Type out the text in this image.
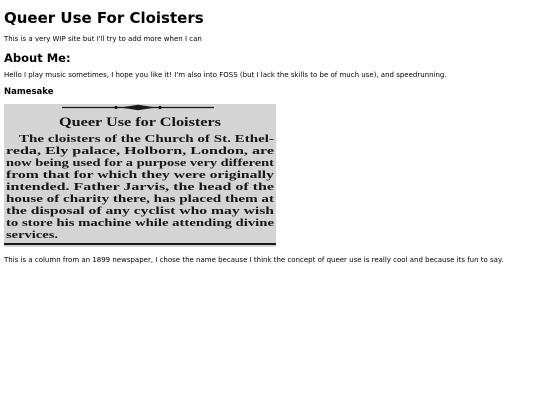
Queer Use For Cloisters

This is a very WIP site but I'll try to add more when I can

About Me:

Hello I play music sometimes, I hope you like it! I'm also into FOSS (but I lack the skills to be of much use), and speedrunning.

Namesake
Queer Use for Cloisters
The cloisters of the Church of St. Ethel-
reda, Ely palace, Holborn, London, are
now being used for a purpose very different
from that for which they were originally
intended. Father Jarvis, the head of the
house of charity there, has placed them at
the disposal of any cyclist who may wish
to store his machine while attending divine
services.

This is a column from an 1899 newspaper, I chose the name because I think the concept of queer use is really cool and because its fun to say.
